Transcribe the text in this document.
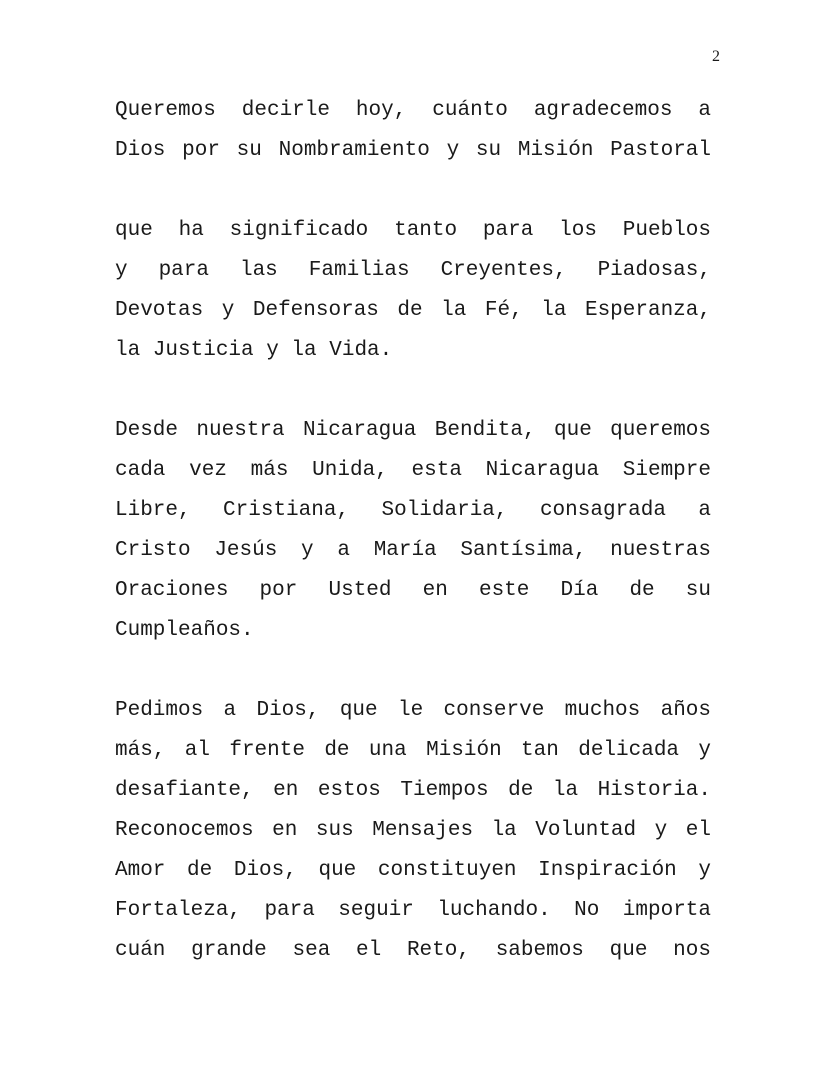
2
Queremos decirle hoy, cuánto agradecemos a
Dios por su Nombramiento y su Misión Pastoral
que ha significado tanto para los Pueblos
y para las Familias Creyentes, Piadosas,
Devotas y Defensoras de la Fé, la Esperanza,
la Justicia y la Vida.
Desde nuestra Nicaragua Bendita, que queremos
cada vez más Unida, esta Nicaragua Siempre
Libre, Cristiana, Solidaria, consagrada a
Cristo Jesús y a María Santísima, nuestras
Oraciones por Usted en este Día de su
Cumpleaños.
Pedimos a Dios, que le conserve muchos años
más, al frente de una Misión tan delicada y
desafiante, en estos Tiempos de la Historia.
Reconocemos en sus Mensajes la Voluntad y el
Amor de Dios, que constituyen Inspiración y
Fortaleza, para seguir luchando. No importa
cuán grande sea el Reto, sabemos que nos
